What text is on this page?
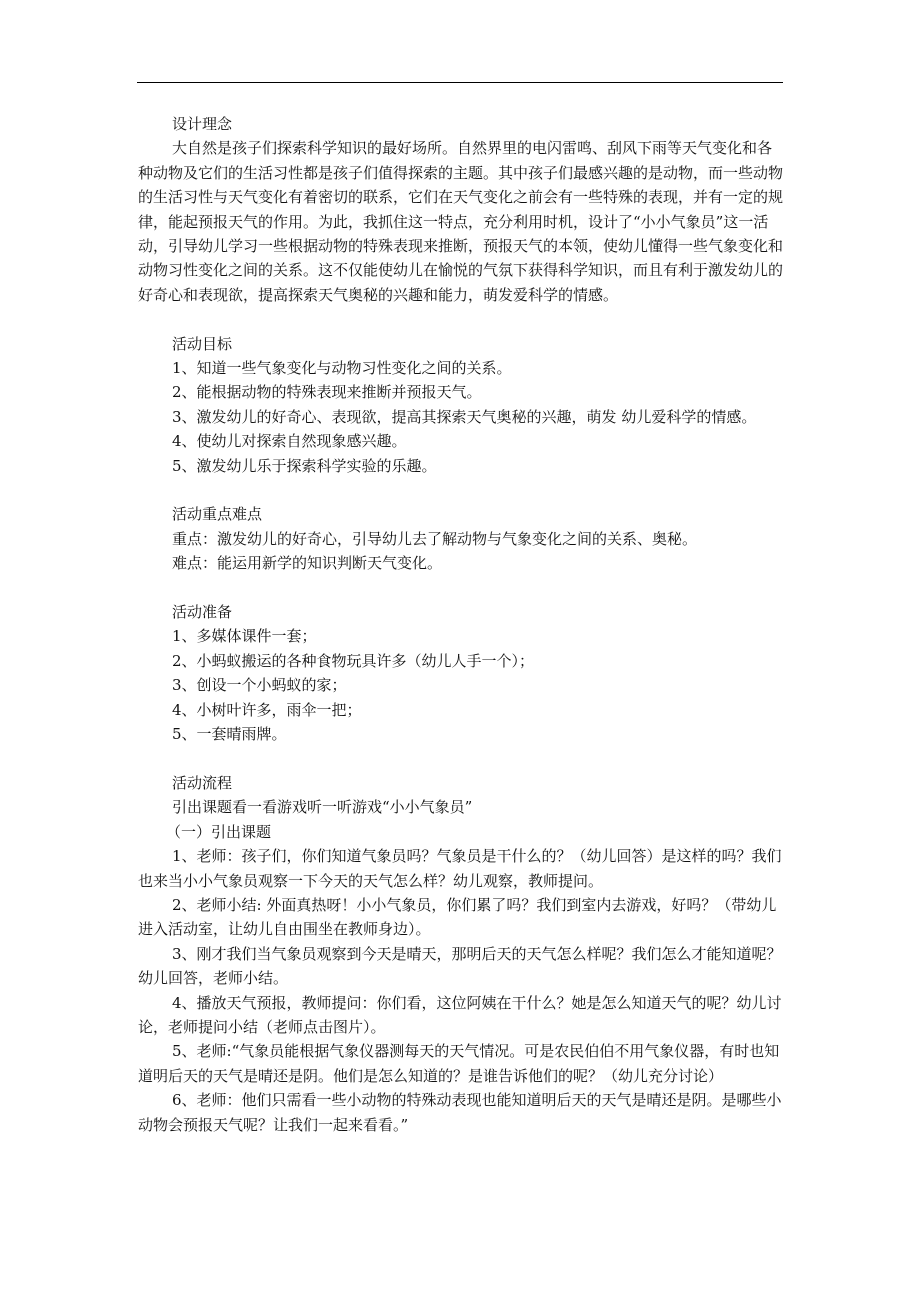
设计理念

大自然是孩子们探索科学知识的最好场所。自然界里的电闪雷鸣、刮风下雨等天气变化和各种动物及它们的生活习性都是孩子们值得探索的主题。其中孩子们最感兴趣的是动物，而一些动物的生活习性与天气变化有着密切的联系，它们在天气变化之前会有一些特殊的表现，并有一定的规律，能起预报天气的作用。为此，我抓住这一特点，充分利用时机，设计了“小小气象员”这一活动，引导幼儿学习一些根据动物的特殊表现来推断，预报天气的本领，使幼儿懂得一些气象变化和动物习性变化之间的关系。这不仅能使幼儿在愉悦的气氛下获得科学知识，而且有利于激发幼儿的好奇心和表现欲，提高探索天气奥秘的兴趣和能力，萌发爱科学的情感。

活动目标

1、知道一些气象变化与动物习性变化之间的关系。

2、能根据动物的特殊表现来推断并预报天气。

3、激发幼儿的好奇心、表现欲，提高其探索天气奥秘的兴趣，萌发 幼儿爱科学的情感。

4、使幼儿对探索自然现象感兴趣。

5、激发幼儿乐于探索科学实验的乐趣。

活动重点难点

重点：激发幼儿的好奇心，引导幼儿去了解动物与气象变化之间的关系、奥秘。

难点：能运用新学的知识判断天气变化。

活动准备

1、多媒体课件一套；

2、小蚂蚁搬运的各种食物玩具许多（幼儿人手一个）；

3、创设一个小蚂蚁的家；

4、小树叶许多，雨伞一把；

5、一套晴雨牌。

活动流程

引出课题看一看游戏听一听游戏“小小气象员”

（一）引出课题

1、老师：孩子们，你们知道气象员吗？气象员是干什么的？（幼儿回答）是这样的吗？我们也来当小小气象员观察一下今天的天气怎么样？幼儿观察，教师提问。

2、老师小结: 外面真热呀！小小气象员，你们累了吗？我们到室内去游戏，好吗？（带幼儿进入活动室，让幼儿自由围坐在教师身边）。

3、刚才我们当气象员观察到今天是晴天，那明后天的天气怎么样呢？我们怎么才能知道呢？幼儿回答，老师小结。

4、播放天气预报，教师提问：你们看，这位阿姨在干什么？她是怎么知道天气的呢？幼儿讨论，老师提问小结（老师点击图片）。

5、老师:“气象员能根据气象仪器测每天的天气情况。可是农民伯伯不用气象仪器，有时也知道明后天的天气是晴还是阴。他们是怎么知道的？是谁告诉他们的呢？（幼儿充分讨论）

6、老师：他们只需看一些小动物的特殊动表现也能知道明后天的天气是晴还是阴。是哪些小动物会预报天气呢？让我们一起来看看。”
